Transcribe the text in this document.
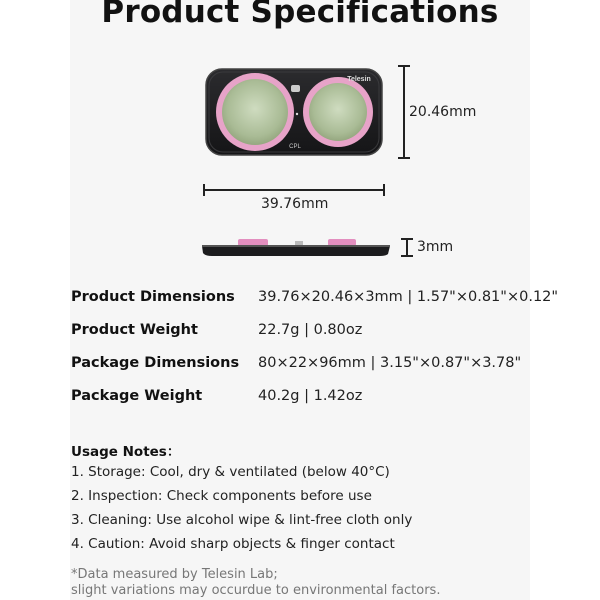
Product Specifications
Telesin
CPL
20.46mm
39.76mm
3mm
Product Dimensions 39.76×20.46×3mm | 1.57"×0.81"×0.12"
Product Weight	22.7g | 0.80oz
Package Dimensions 80×22×96mm | 3.15"×0.87"×3.78"
Package Weight	40.2g | 1.42oz
Usage Notes：
1. Storage: Cool, dry & ventilated (below 40°C)
2. Inspection: Check components before use
3. Cleaning: Use alcohol wipe & lint-free cloth only
4. Caution: Avoid sharp objects & finger contact
*Data measured by Telesin Lab;
slight variations may occurdue to environmental factors.
